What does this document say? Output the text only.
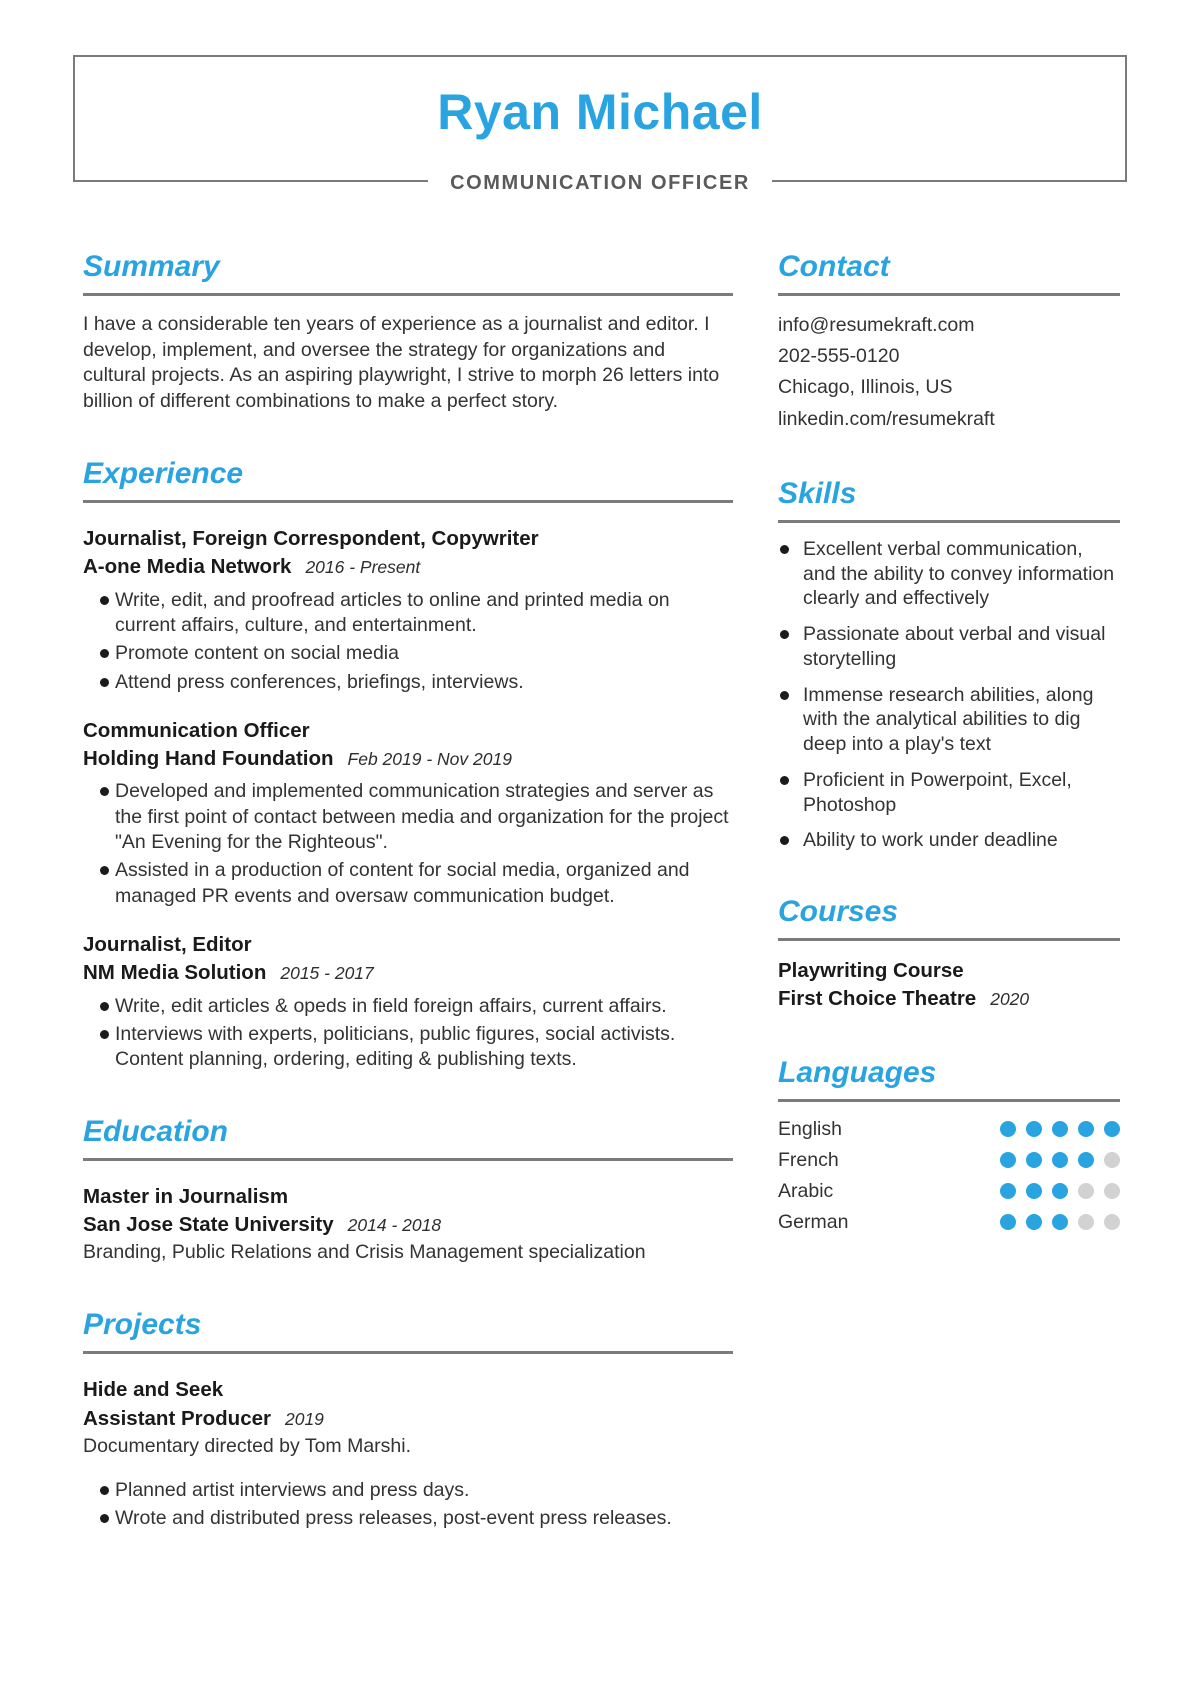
Ryan Michael
COMMUNICATION OFFICER
Summary

I have a considerable ten years of experience as a journalist and editor. I develop, implement, and oversee the strategy for organizations and cultural projects. As an aspiring playwright, I strive to morph 26 letters into billion of different combinations to make a perfect story.

Experience
Journalist, Foreign Correspondent, Copywriter
A-one Media Network 2016 - Present
Write, edit, and proofread articles to online and printed media on current affairs, culture, and entertainment.
Promote content on social media
Attend press conferences, briefings, interviews.
Communication Officer
Holding Hand Foundation Feb 2019 - Nov 2019
Developed and implemented communication strategies and server as the first point of contact between media and organization for the project "An Evening for the Righteous".
Assisted in a production of content for social media, organized and managed PR events and oversaw communication budget.
Journalist, Editor
NM Media Solution 2015 - 2017
Write, edit articles & opeds in field foreign affairs, current affairs.
Interviews with experts, politicians, public figures, social activists. Content planning, ordering, editing & publishing texts.
Education
Master in Journalism
San Jose State University 2014 - 2018
Branding, Public Relations and Crisis Management specialization
Projects
Hide and Seek
Assistant Producer 2019
Documentary directed by Tom Marshi.
Planned artist interviews and press days.
Wrote and distributed press releases, post-event press releases.
Contact
info@resumekraft.com
202-555-0120
Chicago, Illinois, US
linkedin.com/resumekraft
Skills
Excellent verbal communication, and the ability to convey information clearly and effectively
Passionate about verbal and visual storytelling
Immense research abilities, along with the analytical abilities to dig deep into a play's text
Proficient in Powerpoint, Excel, Photoshop
Ability to work under deadline
Courses
Playwriting Course
First Choice Theatre 2020
Languages
English
French
Arabic
German
